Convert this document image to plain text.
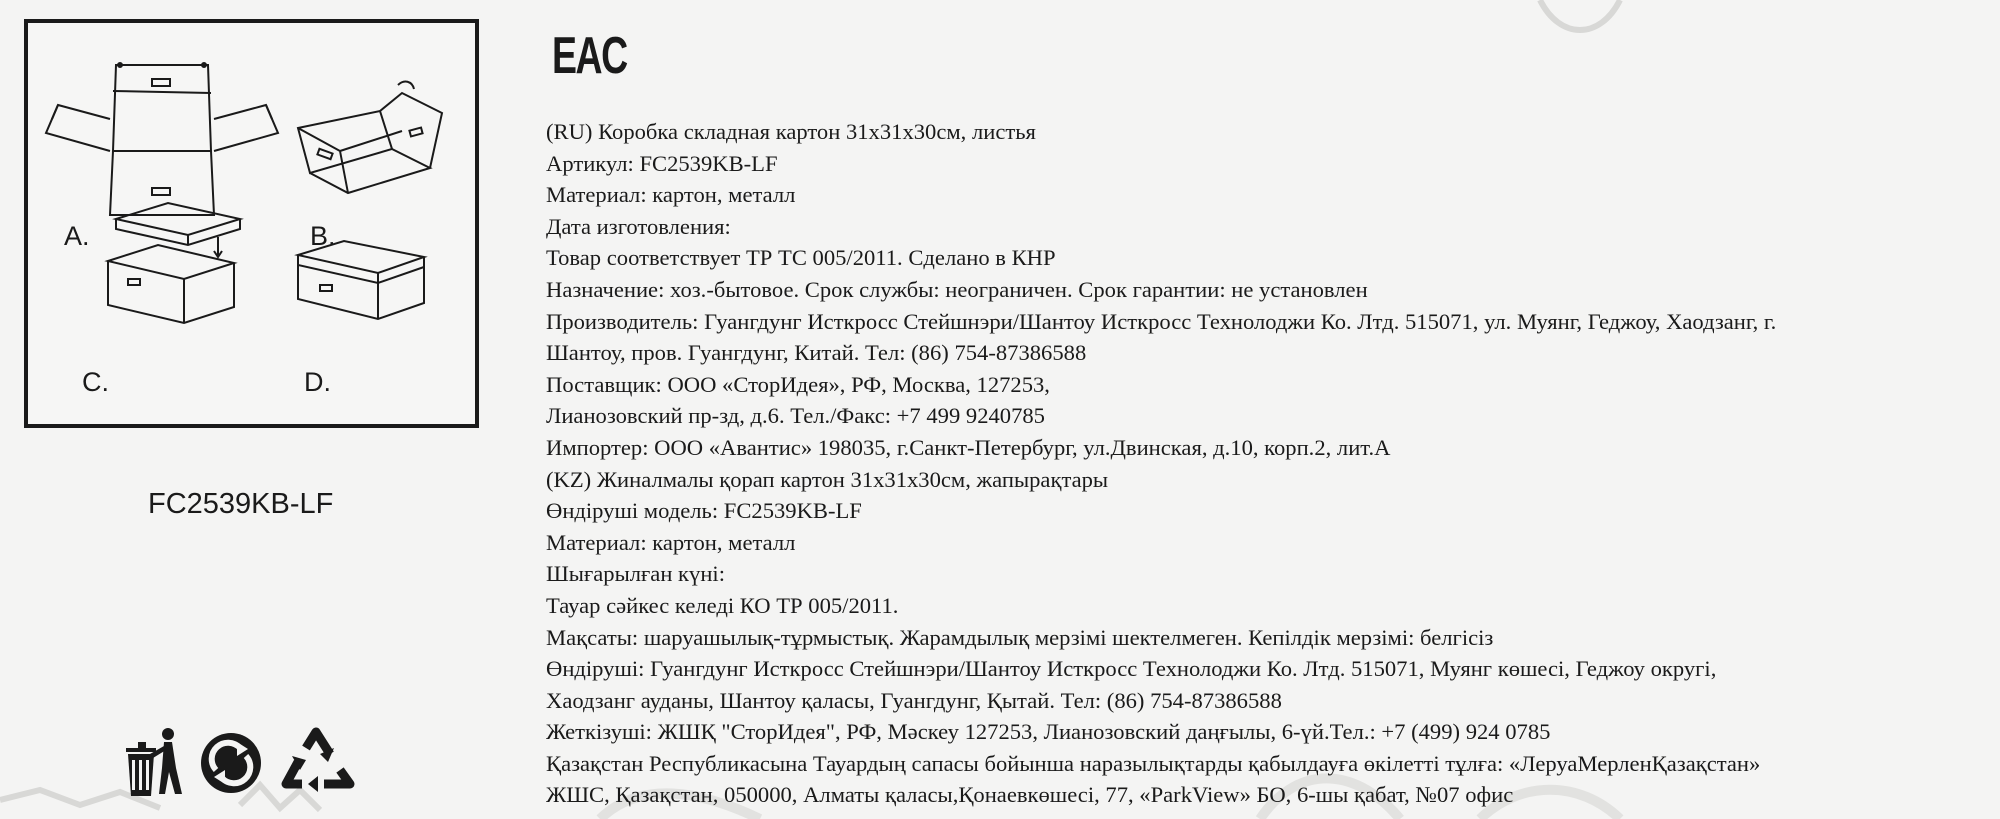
A.	B.
C.	D.
FC2539KB-LF
EAC
(RU) Коробка складная картон 31х31х30см, листья
Артикул: FC2539KB-LF
Материал: картон, металл
Дата изготовления:
Товар соответствует ТР ТС 005/2011. Сделано в КНР
Назначение: хоз.-бытовое. Срок службы: неограничен. Срок гарантии: не установлен
Производитель: Гуангдунг Исткросс Стейшнэри/Шантоу Исткросс Технолоджи Ко. Лтд. 515071, ул. Муянг, Геджоу, Хаодзанг, г.
Шантоу, пров. Гуангдунг, Китай. Тел: (86) 754-87386588
Поставщик: ООО «СторИдея», РФ, Москва, 127253,
Лианозовский пр-зд, д.6. Тел./Факс: +7 499 9240785
Импортер: ООО «Авантис» 198035, г.Санкт-Петербург, ул.Двинская, д.10, корп.2, лит.А
(KZ) Жиналмалы қорап картон 31х31х30см, жапырақтары
Өндіруші модель: FC2539KB-LF
Материал: картон, металл
Шығарылған күні:
Тауар сәйкес келеді КО ТР 005/2011.
Мақсаты: шаруашылық-тұрмыстық. Жарамдылық мерзімі шектелмеген. Кепілдік мерзімі: белгісіз
Өндіруші: Гуангдунг Исткросс Стейшнэри/Шантоу Исткросс Технолоджи Ко. Лтд. 515071, Муянг көшесі, Геджоу округі,
Хаодзанг ауданы, Шантоу қаласы, Гуангдунг, Қытай. Тел: (86) 754-87386588
Жеткізуші: ЖШҚ "СторИдея", РФ, Мәскеу 127253, Лианозовский даңғылы, 6-үй.Тел.: +7 (499) 924 0785
Қазақстан Республикасына Тауардың сапасы бойынша наразылықтарды қабылдауға өкілетті тұлға: «ЛеруаМерленҚазақстан»
ЖШС, Қазақстан, 050000, Алматы қаласы,Қонаевкөшесі, 77, «ParkView» БО, 6-шы қабат, №07 офис
